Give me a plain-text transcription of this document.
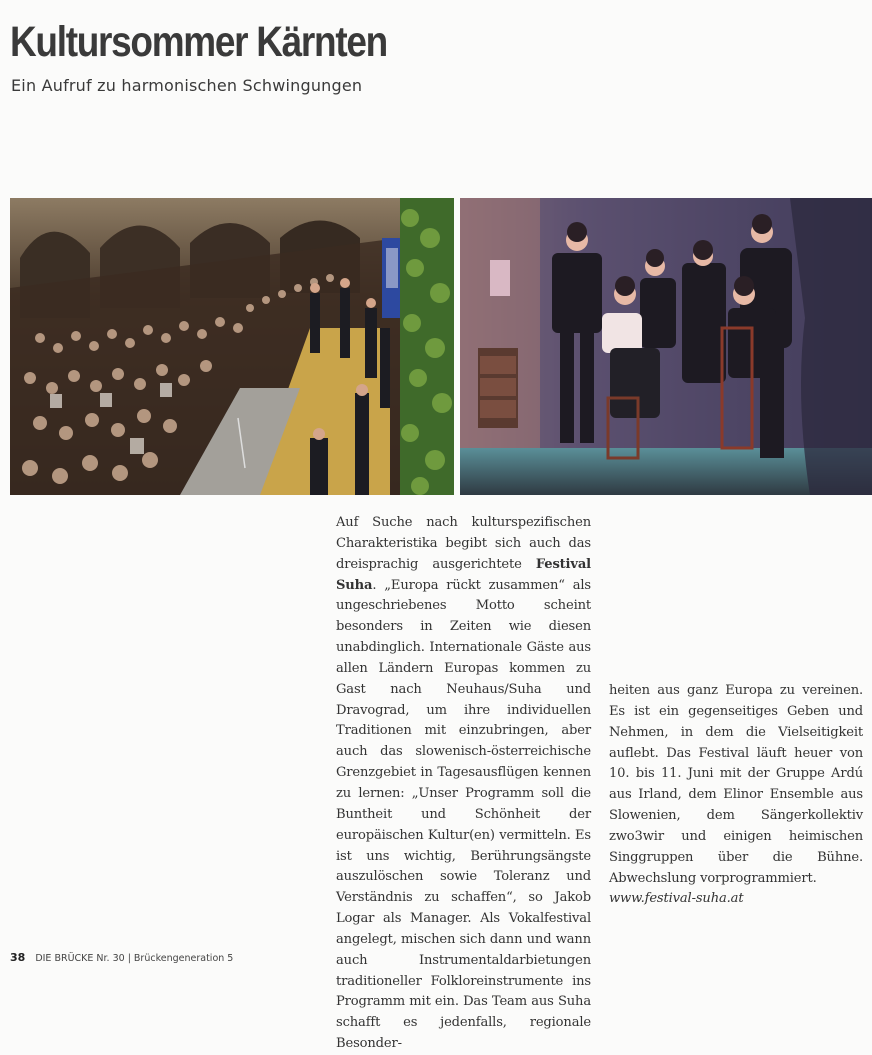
Kultursommer Kärnten

Ein Aufruf zu harmonischen Schwingungen

Auf Suche nach kulturspezifischen Charakteristika begibt sich auch das dreisprachig ausgerichtete Festival Suha. „Europa rückt zusammen“ als ungeschriebenes Motto scheint besonders in Zeiten wie diesen unabdinglich. Internationale Gäste aus allen Ländern Europas kommen zu Gast nach Neuhaus/Suha und Dravograd, um ihre individuellen Traditionen mit einzubringen, aber auch das slowenisch-österreichische Grenzgebiet in Tagesausflügen kennen zu lernen: „Unser Programm soll die Buntheit und Schönheit der europäischen Kultur(en) vermitteln. Es ist uns wichtig, Berührungsängste auszulöschen sowie Toleranz und Verständnis zu schaffen“, so Jakob Logar als Manager. Als Vokalfestival angelegt, mischen sich dann und wann auch Instrumentaldarbietungen traditioneller Folkloreinstrumente ins Programm mit ein. Das Team aus Suha schafft es jedenfalls, regionale Besonder-

heiten aus ganz Europa zu vereinen. Es ist ein gegenseitiges Geben und Nehmen, in dem die Vielseitigkeit auflebt. Das Festival läuft heuer von 10. bis 11. Juni mit der Gruppe Ardú aus Irland, dem Elinor Ensemble aus Slowenien, dem Sängerkollektiv zwo3wir und einigen heimischen Singgruppen über die Bühne. Abwechslung vorprogrammiert.
www.festival-suha.at

38 DIE BRÜCKE Nr. 30 | Brückengeneration 5
